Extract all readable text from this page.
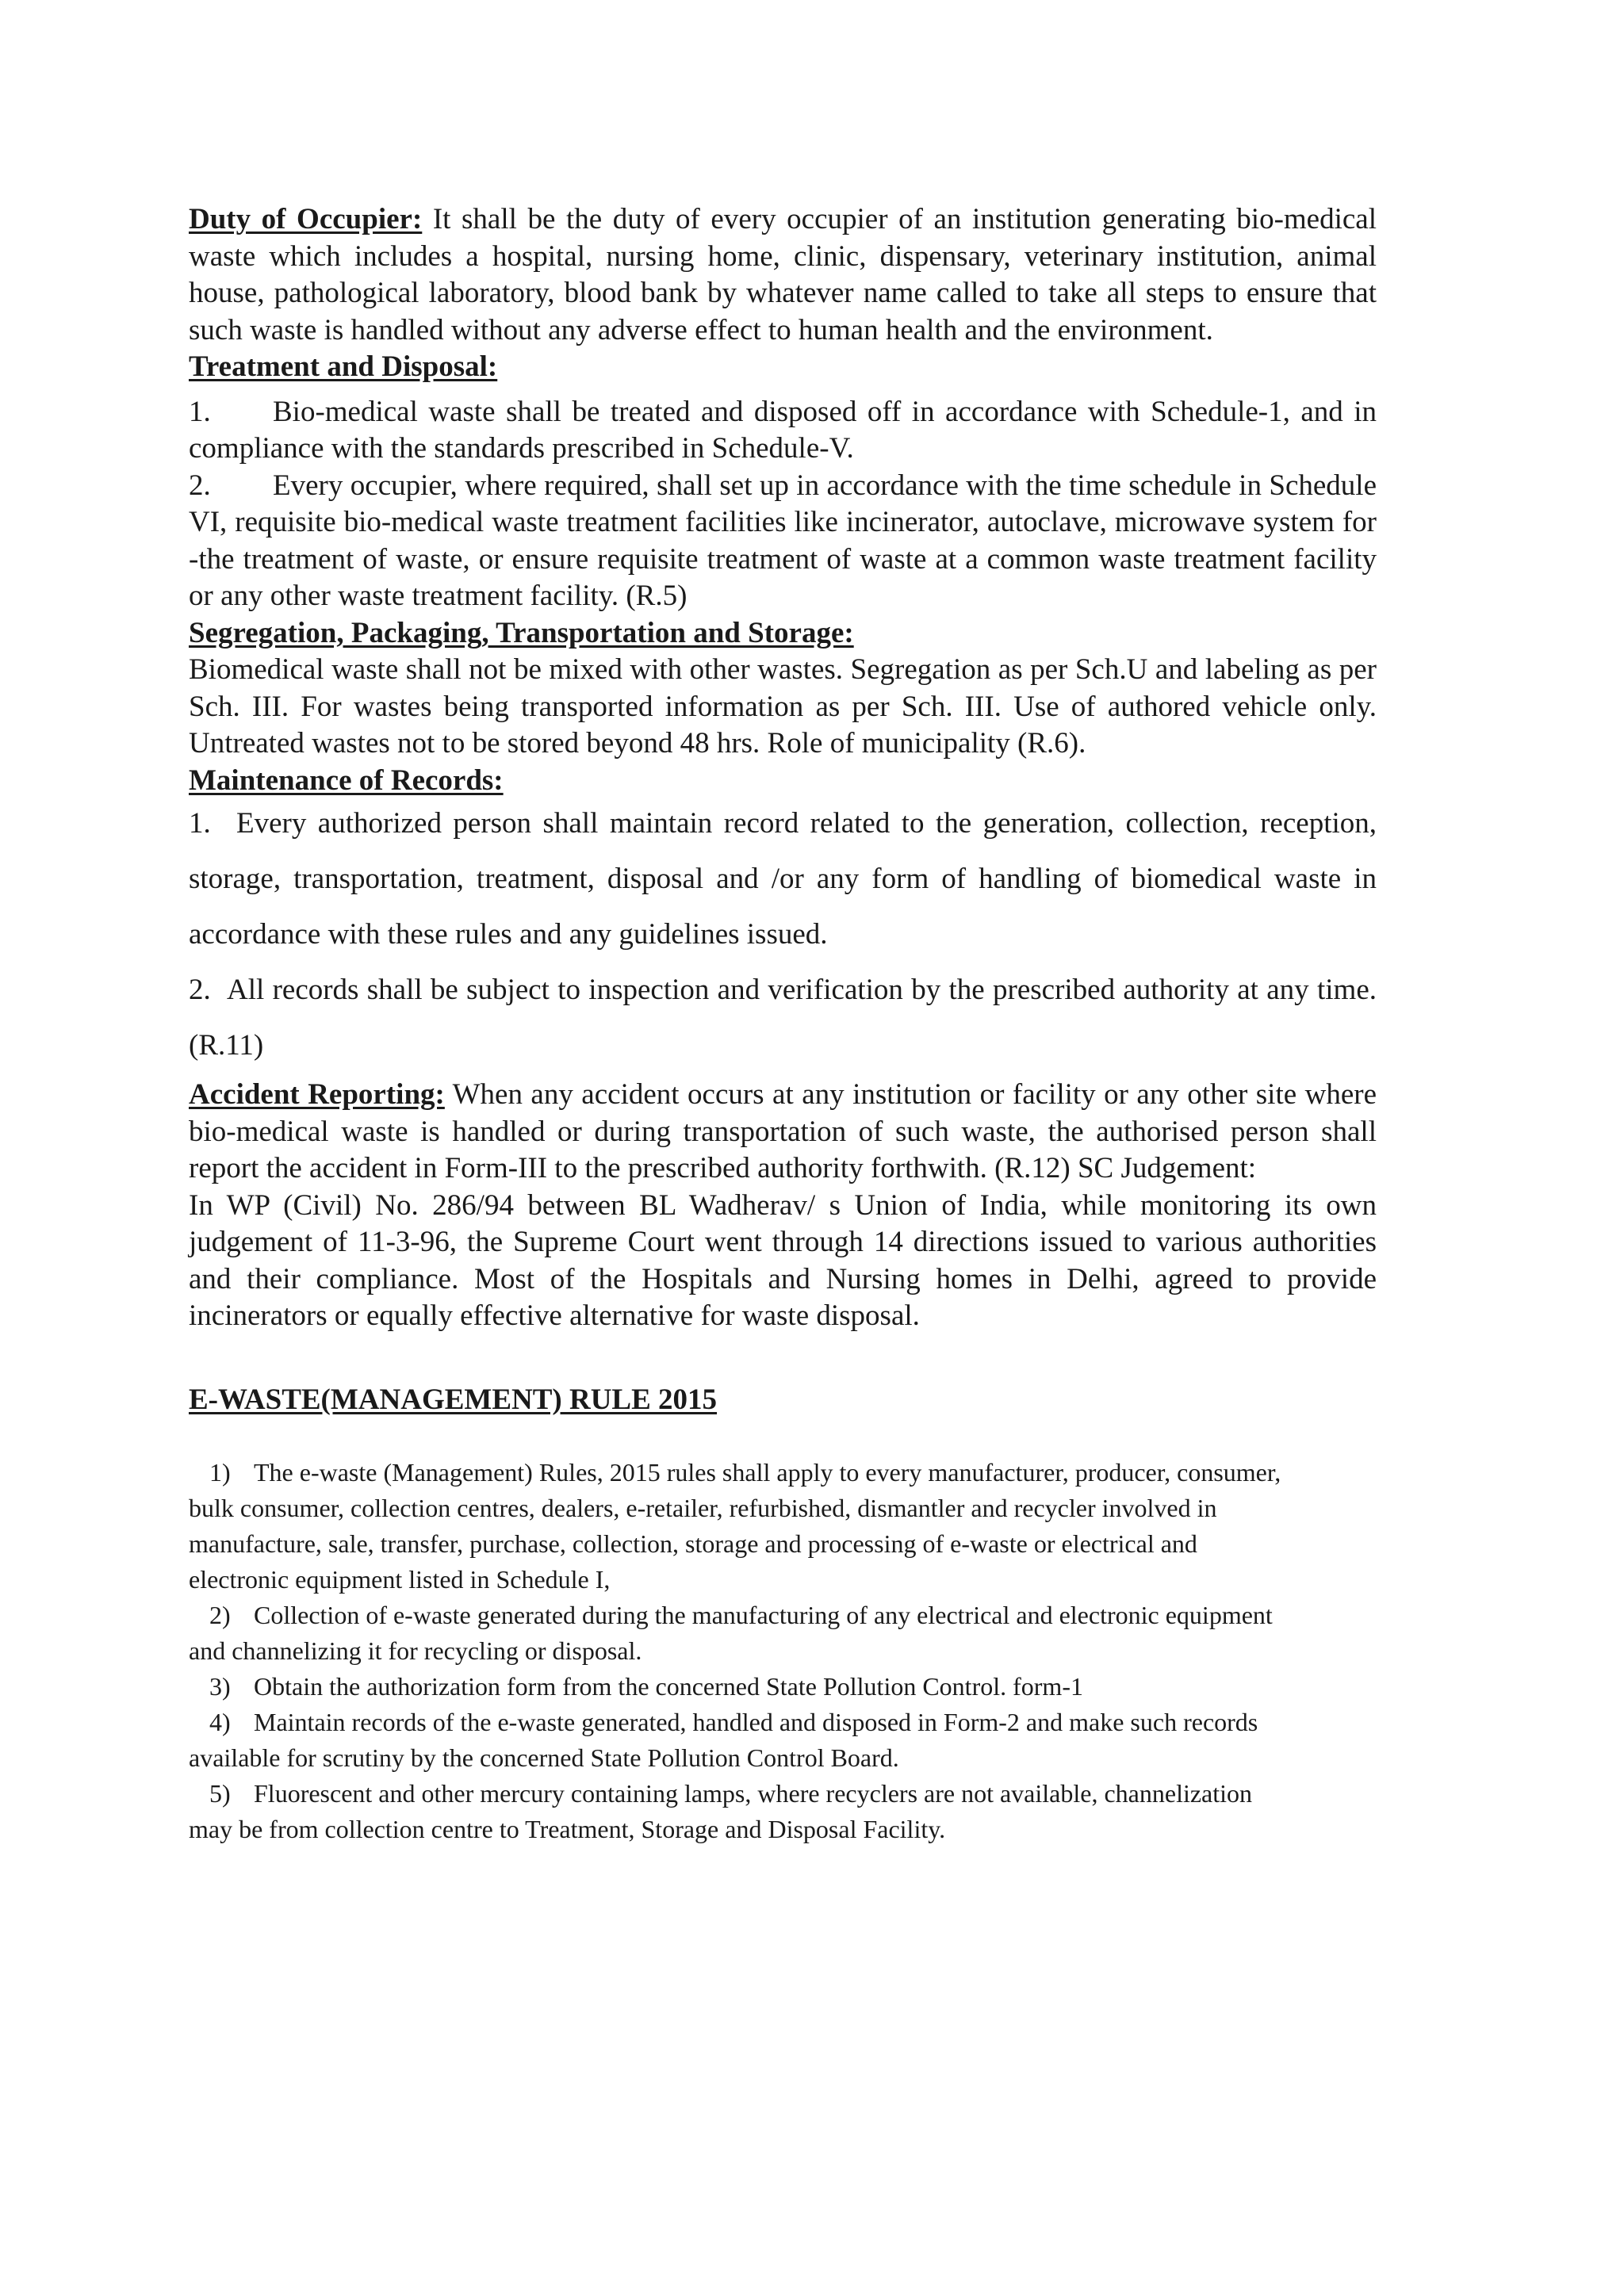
Duty of Occupier: It shall be the duty of every occupier of an institution generating bio-medical waste which includes a hospital, nursing home, clinic, dispensary, veterinary institution, animal house, pathological laboratory, blood bank by whatever name called to take all steps to ensure that such waste is handled without any adverse effect to human health and the environment.

Treatment and Disposal:

1. Bio-medical waste shall be treated and disposed off in accordance with Schedule-1, and in compliance with the standards prescribed in Schedule-V.

2. Every occupier, where required, shall set up in accordance with the time schedule in Schedule VI, requisite bio-medical waste treatment facilities like incinerator, autoclave, microwave system for -the treatment of waste, or ensure requisite treatment of waste at a common waste treatment facility or any other waste treatment facility. (R.5)

Segregation, Packaging, Transportation and Storage:

Biomedical waste shall not be mixed with other wastes. Segregation as per Sch.U and labeling as per Sch. III. For wastes being transported information as per Sch. III. Use of authored vehicle only. Untreated wastes not to be stored beyond 48 hrs. Role of municipality (R.6).

Maintenance of Records:

1. Every authorized person shall maintain record related to the generation, collection, reception, storage, transportation, treatment, disposal and /or any form of handling of biomedical waste in accordance with these rules and any guidelines issued.

2. All records shall be subject to inspection and verification by the prescribed authority at any time. (R.11)

Accident Reporting: When any accident occurs at any institution or facility or any other site where bio-medical waste is handled or during transportation of such waste, the authorised person shall report the accident in Form-III to the prescribed authority forthwith. (R.12) SC Judgement:

In WP (Civil) No. 286/94 between BL Wadherav/ s Union of India, while monitoring its own judgement of 11-3-96, the Supreme Court went through 14 directions issued to various authorities and their compliance. Most of the Hospitals and Nursing homes in Delhi, agreed to provide incinerators or equally effective alternative for waste disposal.

E-WASTE(MANAGEMENT) RULE 2015

1) The e-waste (Management) Rules, 2015 rules shall apply to every manufacturer, producer, consumer, bulk consumer, collection centres, dealers, e-retailer, refurbished, dismantler and recycler involved in manufacture, sale, transfer, purchase, collection, storage and processing of e-waste or electrical and electronic equipment listed in Schedule I,

2) Collection of e-waste generated during the manufacturing of any electrical and electronic equipment and channelizing it for recycling or disposal.

3) Obtain the authorization form from the concerned State Pollution Control. form-1

4) Maintain records of the e-waste generated, handled and disposed in Form-2 and make such records available for scrutiny by the concerned State Pollution Control Board.

5) Fluorescent and other mercury containing lamps, where recyclers are not available, channelization may be from collection centre to Treatment, Storage and Disposal Facility.
